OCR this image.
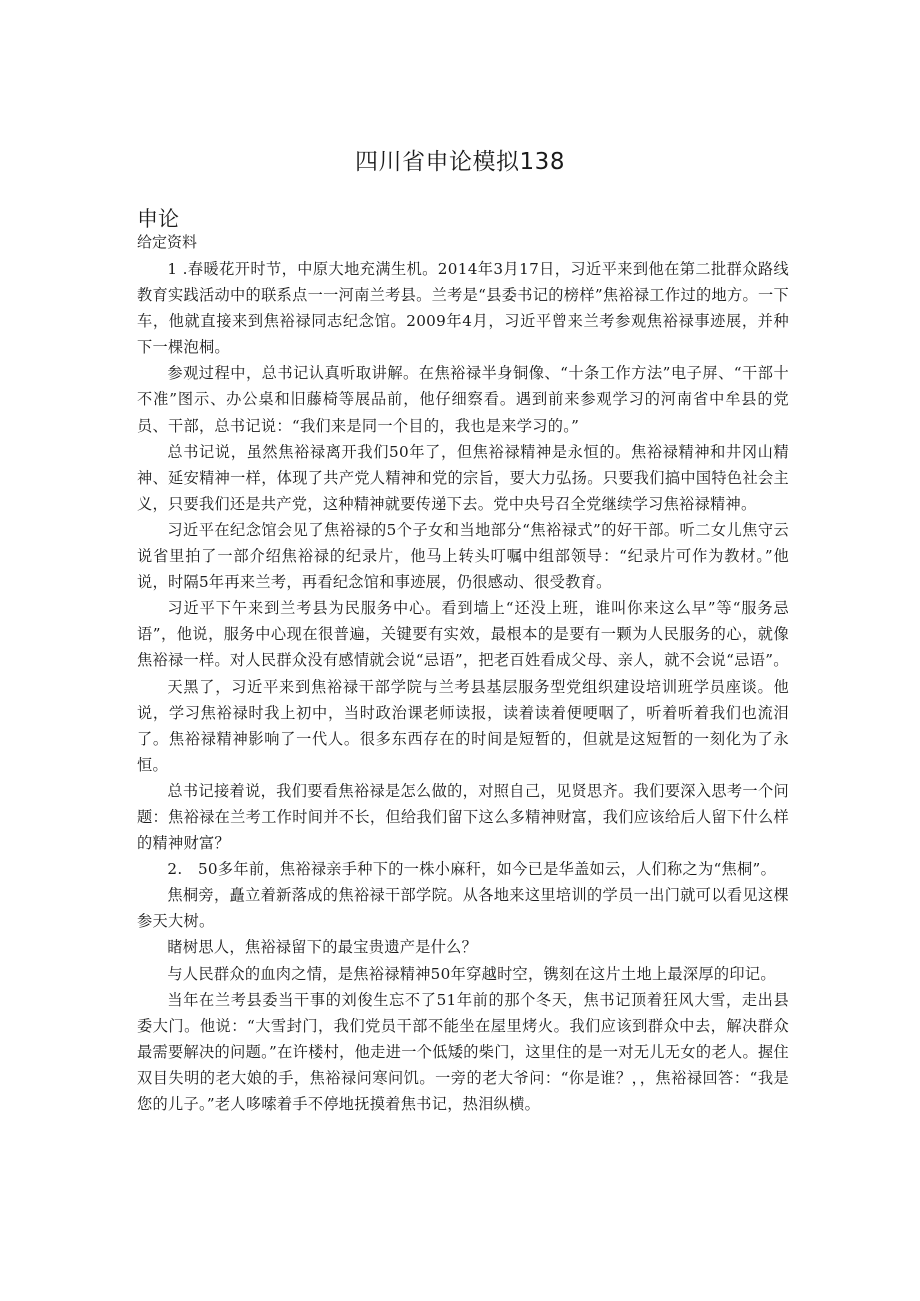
四川省申论模拟138
申论
给定资料

1 .春暖花开时节，中原大地充满生机。2014年3月17日，习近平来到他在第二批群众路线教育实践活动中的联系点一一河南兰考县。兰考是“县委书记的榜样”焦裕禄工作过的地方。一下车，他就直接来到焦裕禄同志纪念馆。2009年4月，习近平曾来兰考参观焦裕禄事迹展，并种下一棵泡桐。

参观过程中，总书记认真听取讲解。在焦裕禄半身铜像、“十条工作方法”电子屏、“干部十不准”图示、办公桌和旧藤椅等展品前，他仔细察看。遇到前来参观学习的河南省中牟县的党员、干部，总书记说：“我们来是同一个目的，我也是来学习的。”

总书记说，虽然焦裕禄离开我们50年了，但焦裕禄精神是永恒的。焦裕禄精神和井冈山精神、延安精神一样，体现了共产党人精神和党的宗旨，要大力弘扬。只要我们搞中国特色社会主义，只要我们还是共产党，这种精神就要传递下去。党中央号召全党继续学习焦裕禄精神。

习近平在纪念馆会见了焦裕禄的5个子女和当地部分“焦裕禄式”的好干部。听二女儿焦守云说省里拍了一部介绍焦裕禄的纪录片，他马上转头叮嘱中组部领导：“纪录片可作为教材。”他说，时隔5年再来兰考，再看纪念馆和事迹展，仍很感动、很受教育。

习近平下午来到兰考县为民服务中心。看到墙上“还没上班，谁叫你来这么早”等“服务忌语”，他说，服务中心现在很普遍，关键要有实效，最根本的是要有一颗为人民服务的心，就像焦裕禄一样。对人民群众没有感情就会说“忌语”，把老百姓看成父母、亲人，就不会说“忌语”。

天黑了，习近平来到焦裕禄干部学院与兰考县基层服务型党组织建设培训班学员座谈。他说，学习焦裕禄时我上初中，当时政治课老师读报，读着读着便哽咽了，听着听着我们也流泪了。焦裕禄精神影响了一代人。很多东西存在的时间是短暂的，但就是这短暂的一刻化为了永恒。

总书记接着说，我们要看焦裕禄是怎么做的，对照自己，见贤思齐。我们要深入思考一个问题：焦裕禄在兰考工作时间并不长，但给我们留下这么多精神财富，我们应该给后人留下什么样的精神财富？

2.　50多年前，焦裕禄亲手种下的一株小麻秆，如今已是华盖如云，人们称之为“焦桐”。

焦桐旁，矗立着新落成的焦裕禄干部学院。从各地来这里培训的学员一出门就可以看见这棵参天大树。

睹树思人，焦裕禄留下的最宝贵遗产是什么？

与人民群众的血肉之情，是焦裕禄精神50年穿越时空，镌刻在这片土地上最深厚的印记。

当年在兰考县委当干事的刘俊生忘不了51年前的那个冬天，焦书记顶着狂风大雪，走出县委大门。他说：“大雪封门，我们党员干部不能坐在屋里烤火。我们应该到群众中去，解决群众最需要解决的问题。”在许楼村，他走进一个低矮的柴门，这里住的是一对无儿无女的老人。握住双目失明的老大娘的手，焦裕禄问寒问饥。一旁的老大爷问：“你是谁？，，焦裕禄回答：“我是您的儿子。”老人哆嗦着手不停地抚摸着焦书记，热泪纵横。
